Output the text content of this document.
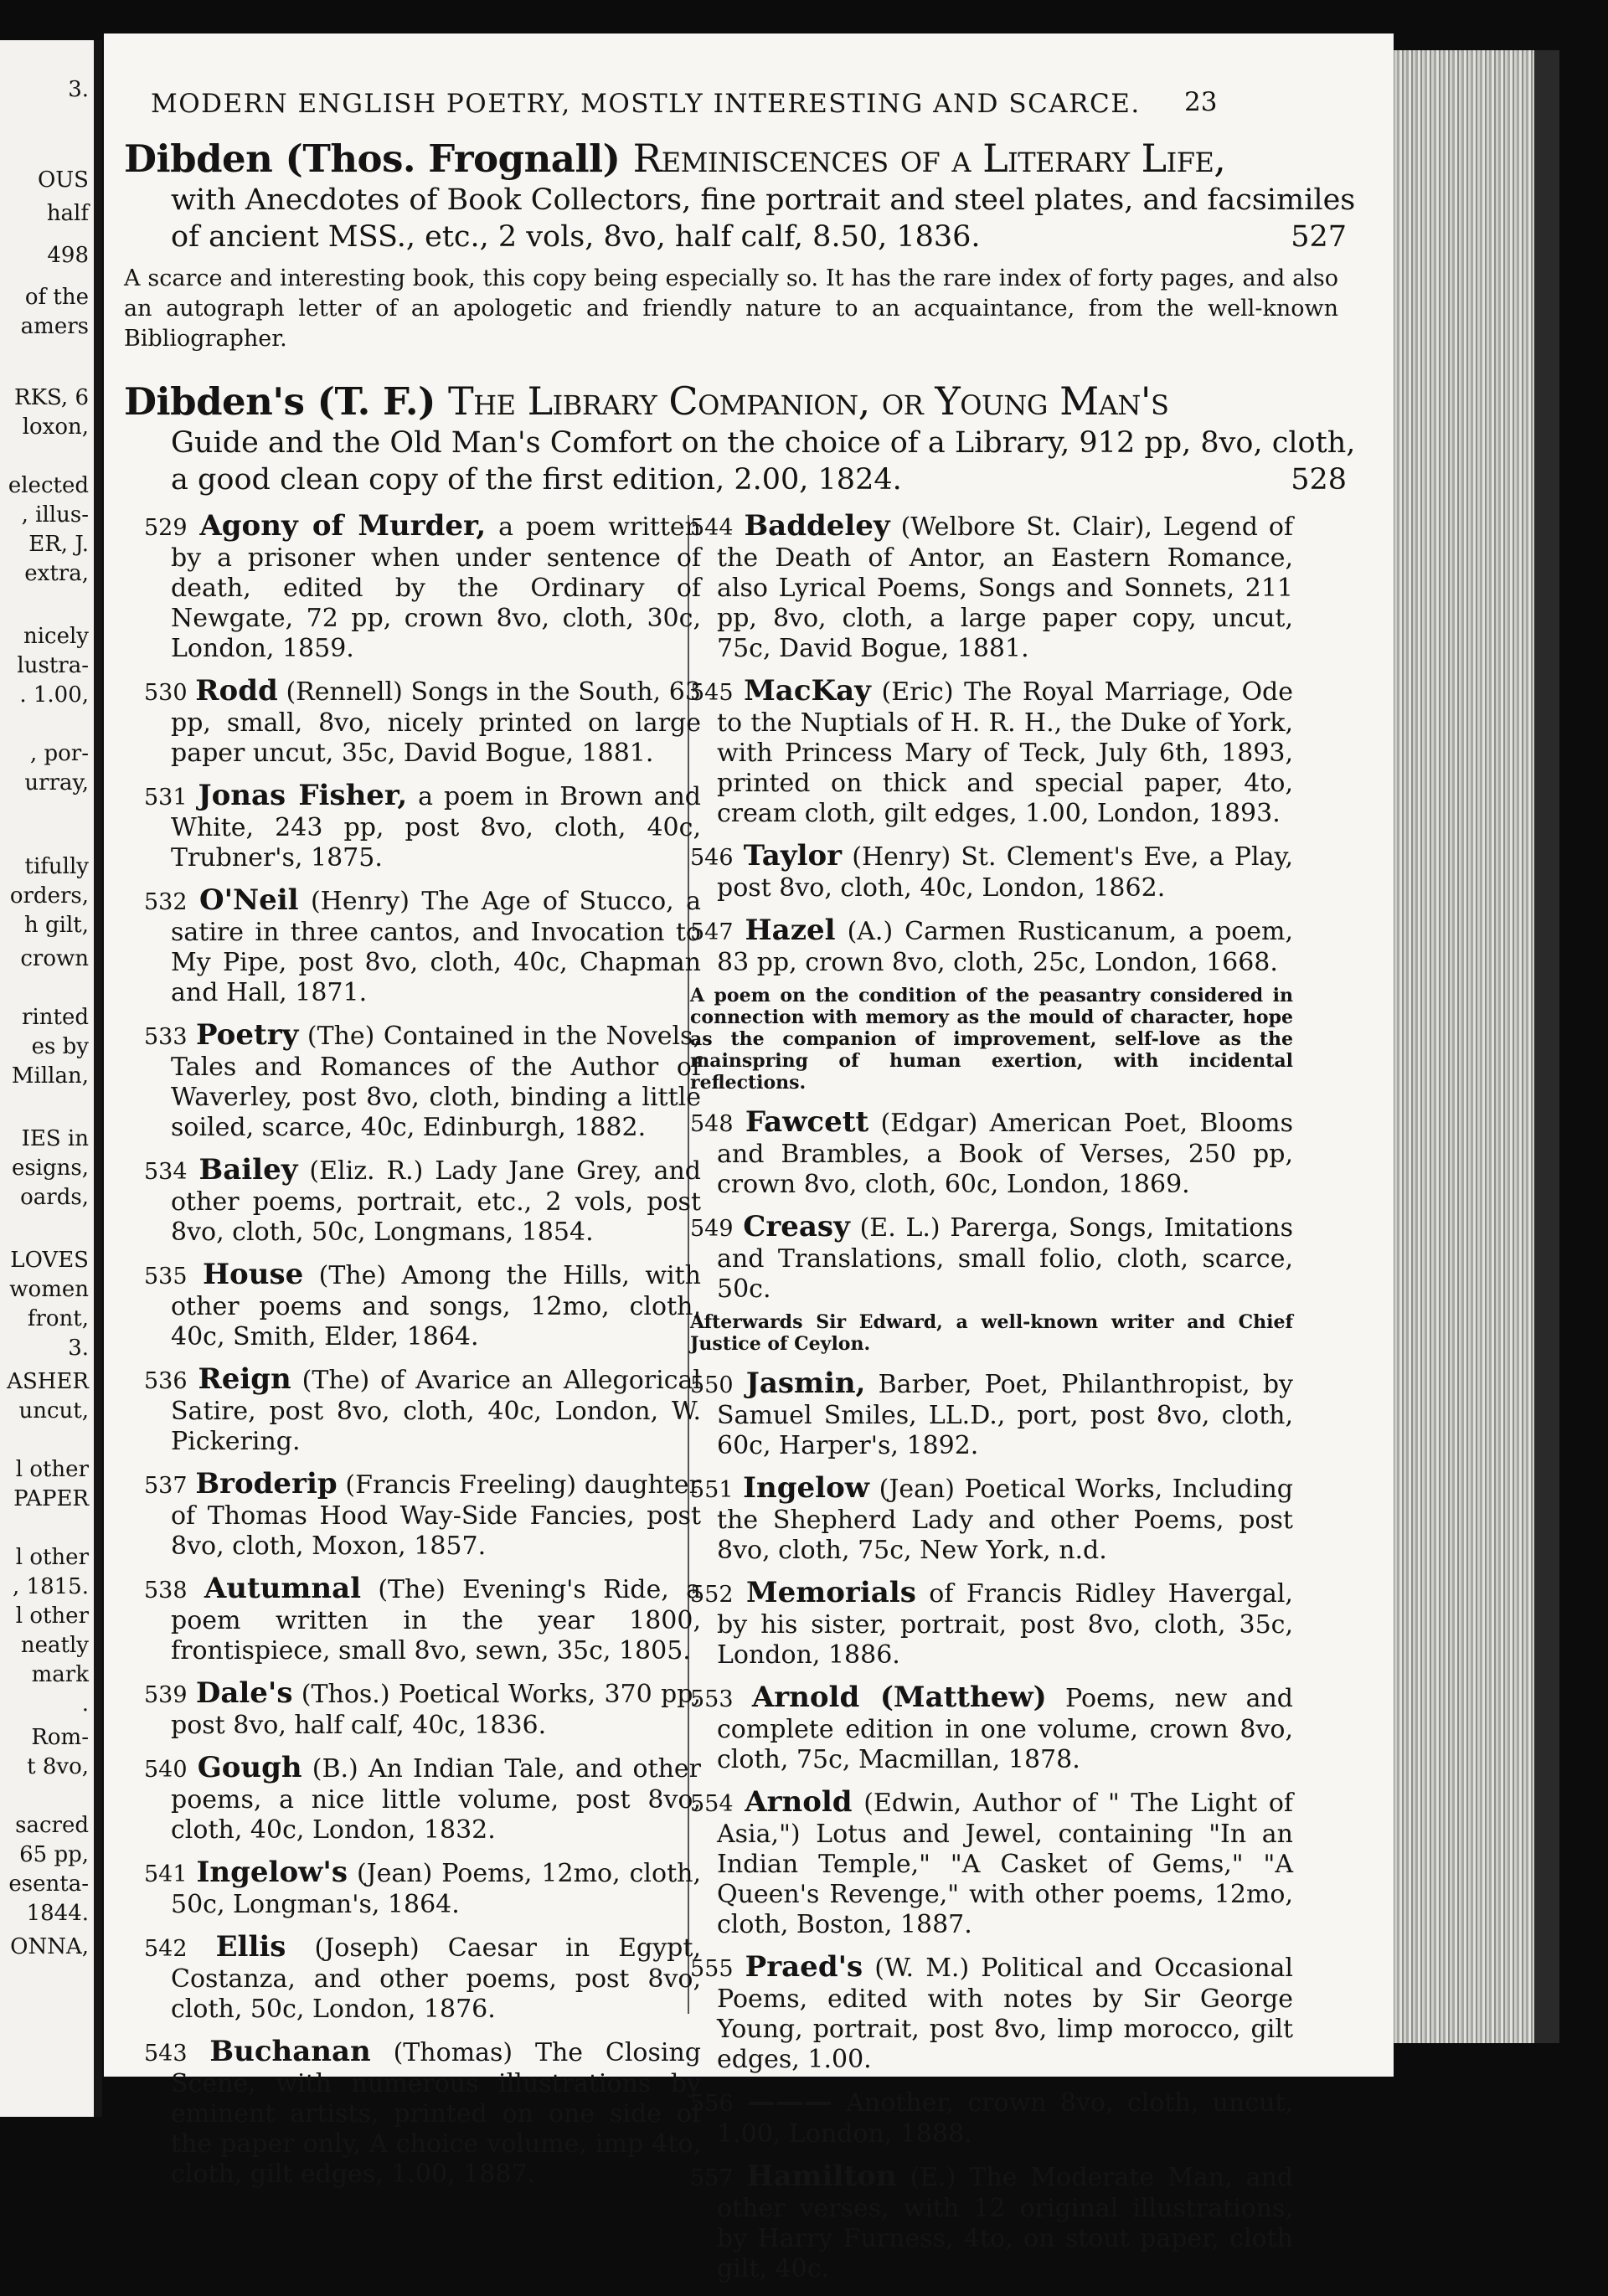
3.
OUS
half
498
of the
amers
RKS, 6
loxon,
elected
, illus-
ER, J.
extra,
nicely
lustra-
. 1.00,
, por-
urray,
tifully
orders,
h gilt,
crown
rinted
es by
Millan,
IES in
esigns,
oards,
LOVES
women
front,
3.
ASHER
uncut,
l other
PAPER
l other
, 1815.
l other
neatly
mark
.
Rom-
t 8vo,
sacred
65 pp,
esenta-
1844.
ONNA,
MODERN ENGLISH POETRY, MOSTLY INTERESTING AND SCARCE.	23
Dibden (Thos. Frognall) Reminiscences of a Literary Life,
with Anecdotes of Book Collectors, fine portrait and steel plates, and facsimiles
of ancient MSS., etc., 2 vols, 8vo, half calf, 8.50, 1836.	527
A scarce and interesting book, this copy being especially so. It has the rare index of forty pages, and also an autograph letter of an apologetic and friendly nature to an acquaintance, from the well-known Bibliographer.
Dibden's (T. F.) The Library Companion, or Young Man's
Guide and the Old Man's Comfort on the choice of a Library, 912 pp, 8vo, cloth,
a good clean copy of the first edition, 2.00, 1824.	528
529 Agony of Murder, a poem written by a prisoner when under sentence of death, edited by the Ordinary of Newgate, 72 pp, crown 8vo, cloth, 30c, London, 1859.
530 Rodd (Rennell) Songs in the South, 63 pp, small, 8vo, nicely printed on large paper uncut, 35c, David Bogue, 1881.
531 Jonas Fisher, a poem in Brown and White, 243 pp, post 8vo, cloth, 40c, Trubner's, 1875.
532 O'Neil (Henry) The Age of Stucco, a satire in three cantos, and Invocation to My Pipe, post 8vo, cloth, 40c, Chapman and Hall, 1871.
533 Poetry (The) Contained in the Novels, Tales and Romances of the Author of Waverley, post 8vo, cloth, binding a little soiled, scarce, 40c, Edinburgh, 1882.
534 Bailey (Eliz. R.) Lady Jane Grey, and other poems, portrait, etc., 2 vols, post 8vo, cloth, 50c, Longmans, 1854.
535 House (The) Among the Hills, with other poems and songs, 12mo, cloth, 40c, Smith, Elder, 1864.
536 Reign (The) of Avarice an Allegorical Satire, post 8vo, cloth, 40c, London, W. Pickering.
537 Broderip (Francis Freeling) daughter of Thomas Hood Way-Side Fancies, post 8vo, cloth, Moxon, 1857.
538 Autumnal (The) Evening's Ride, a poem written in the year 1800, frontispiece, small 8vo, sewn, 35c, 1805.
539 Dale's (Thos.) Poetical Works, 370 pp, post 8vo, half calf, 40c, 1836.
540 Gough (B.) An Indian Tale, and other poems, a nice little volume, post 8vo, cloth, 40c, London, 1832.
541 Ingelow's (Jean) Poems, 12mo, cloth, 50c, Longman's, 1864.
542 Ellis (Joseph) Caesar in Egypt, Costanza, and other poems, post 8vo, cloth, 50c, London, 1876.
543 Buchanan (Thomas) The Closing Scene, with numerous illustrations by eminent artists, printed on one side of the paper only, A choice volume, imp 4to, cloth, gilt edges, 1.00, 1887.
544 Baddeley (Welbore St. Clair), Legend of the Death of Antor, an Eastern Romance, also Lyrical Poems, Songs and Sonnets, 211 pp, 8vo, cloth, a large paper copy, uncut, 75c, David Bogue, 1881.
545 MacKay (Eric) The Royal Marriage, Ode to the Nuptials of H. R. H., the Duke of York, with Princess Mary of Teck, July 6th, 1893, printed on thick and special paper, 4to, cream cloth, gilt edges, 1.00, London, 1893.
546 Taylor (Henry) St. Clement's Eve, a Play, post 8vo, cloth, 40c, London, 1862.
547 Hazel (A.) Carmen Rusticanum, a poem, 83 pp, crown 8vo, cloth, 25c, London, 1668.
A poem on the condition of the peasantry considered in connection with memory as the mould of character, hope as the companion of improvement, self-love as the mainspring of human exertion, with incidental reflections.
548 Fawcett (Edgar) American Poet, Blooms and Brambles, a Book of Verses, 250 pp, crown 8vo, cloth, 60c, London, 1869.
549 Creasy (E. L.) Parerga, Songs, Imitations and Translations, small folio, cloth, scarce, 50c.
Afterwards Sir Edward, a well-known writer and Chief Justice of Ceylon.
550 Jasmin, Barber, Poet, Philanthropist, by Samuel Smiles, LL.D., port, post 8vo, cloth, 60c, Harper's, 1892.
551 Ingelow (Jean) Poetical Works, Including the Shepherd Lady and other Poems, post 8vo, cloth, 75c, New York, n.d.
552 Memorials of Francis Ridley Havergal, by his sister, portrait, post 8vo, cloth, 35c, London, 1886.
553 Arnold (Matthew) Poems, new and complete edition in one volume, crown 8vo, cloth, 75c, Macmillan, 1878.
554 Arnold (Edwin, Author of " The Light of Asia,") Lotus and Jewel, containing "In an Indian Temple," "A Casket of Gems," "A Queen's Revenge," with other poems, 12mo, cloth, Boston, 1887.
555 Praed's (W. M.) Political and Occasional Poems, edited with notes by Sir George Young, portrait, post 8vo, limp morocco, gilt edges, 1.00.
556 ——— Another, crown 8vo, cloth, uncut, 1.00, London, 1888.
557 Hamilton (E.) The Moderate Man, and other verses, with 12 original illustrations, by Harry Furness, 4to, on stout paper, cloth gilt, 40c.
